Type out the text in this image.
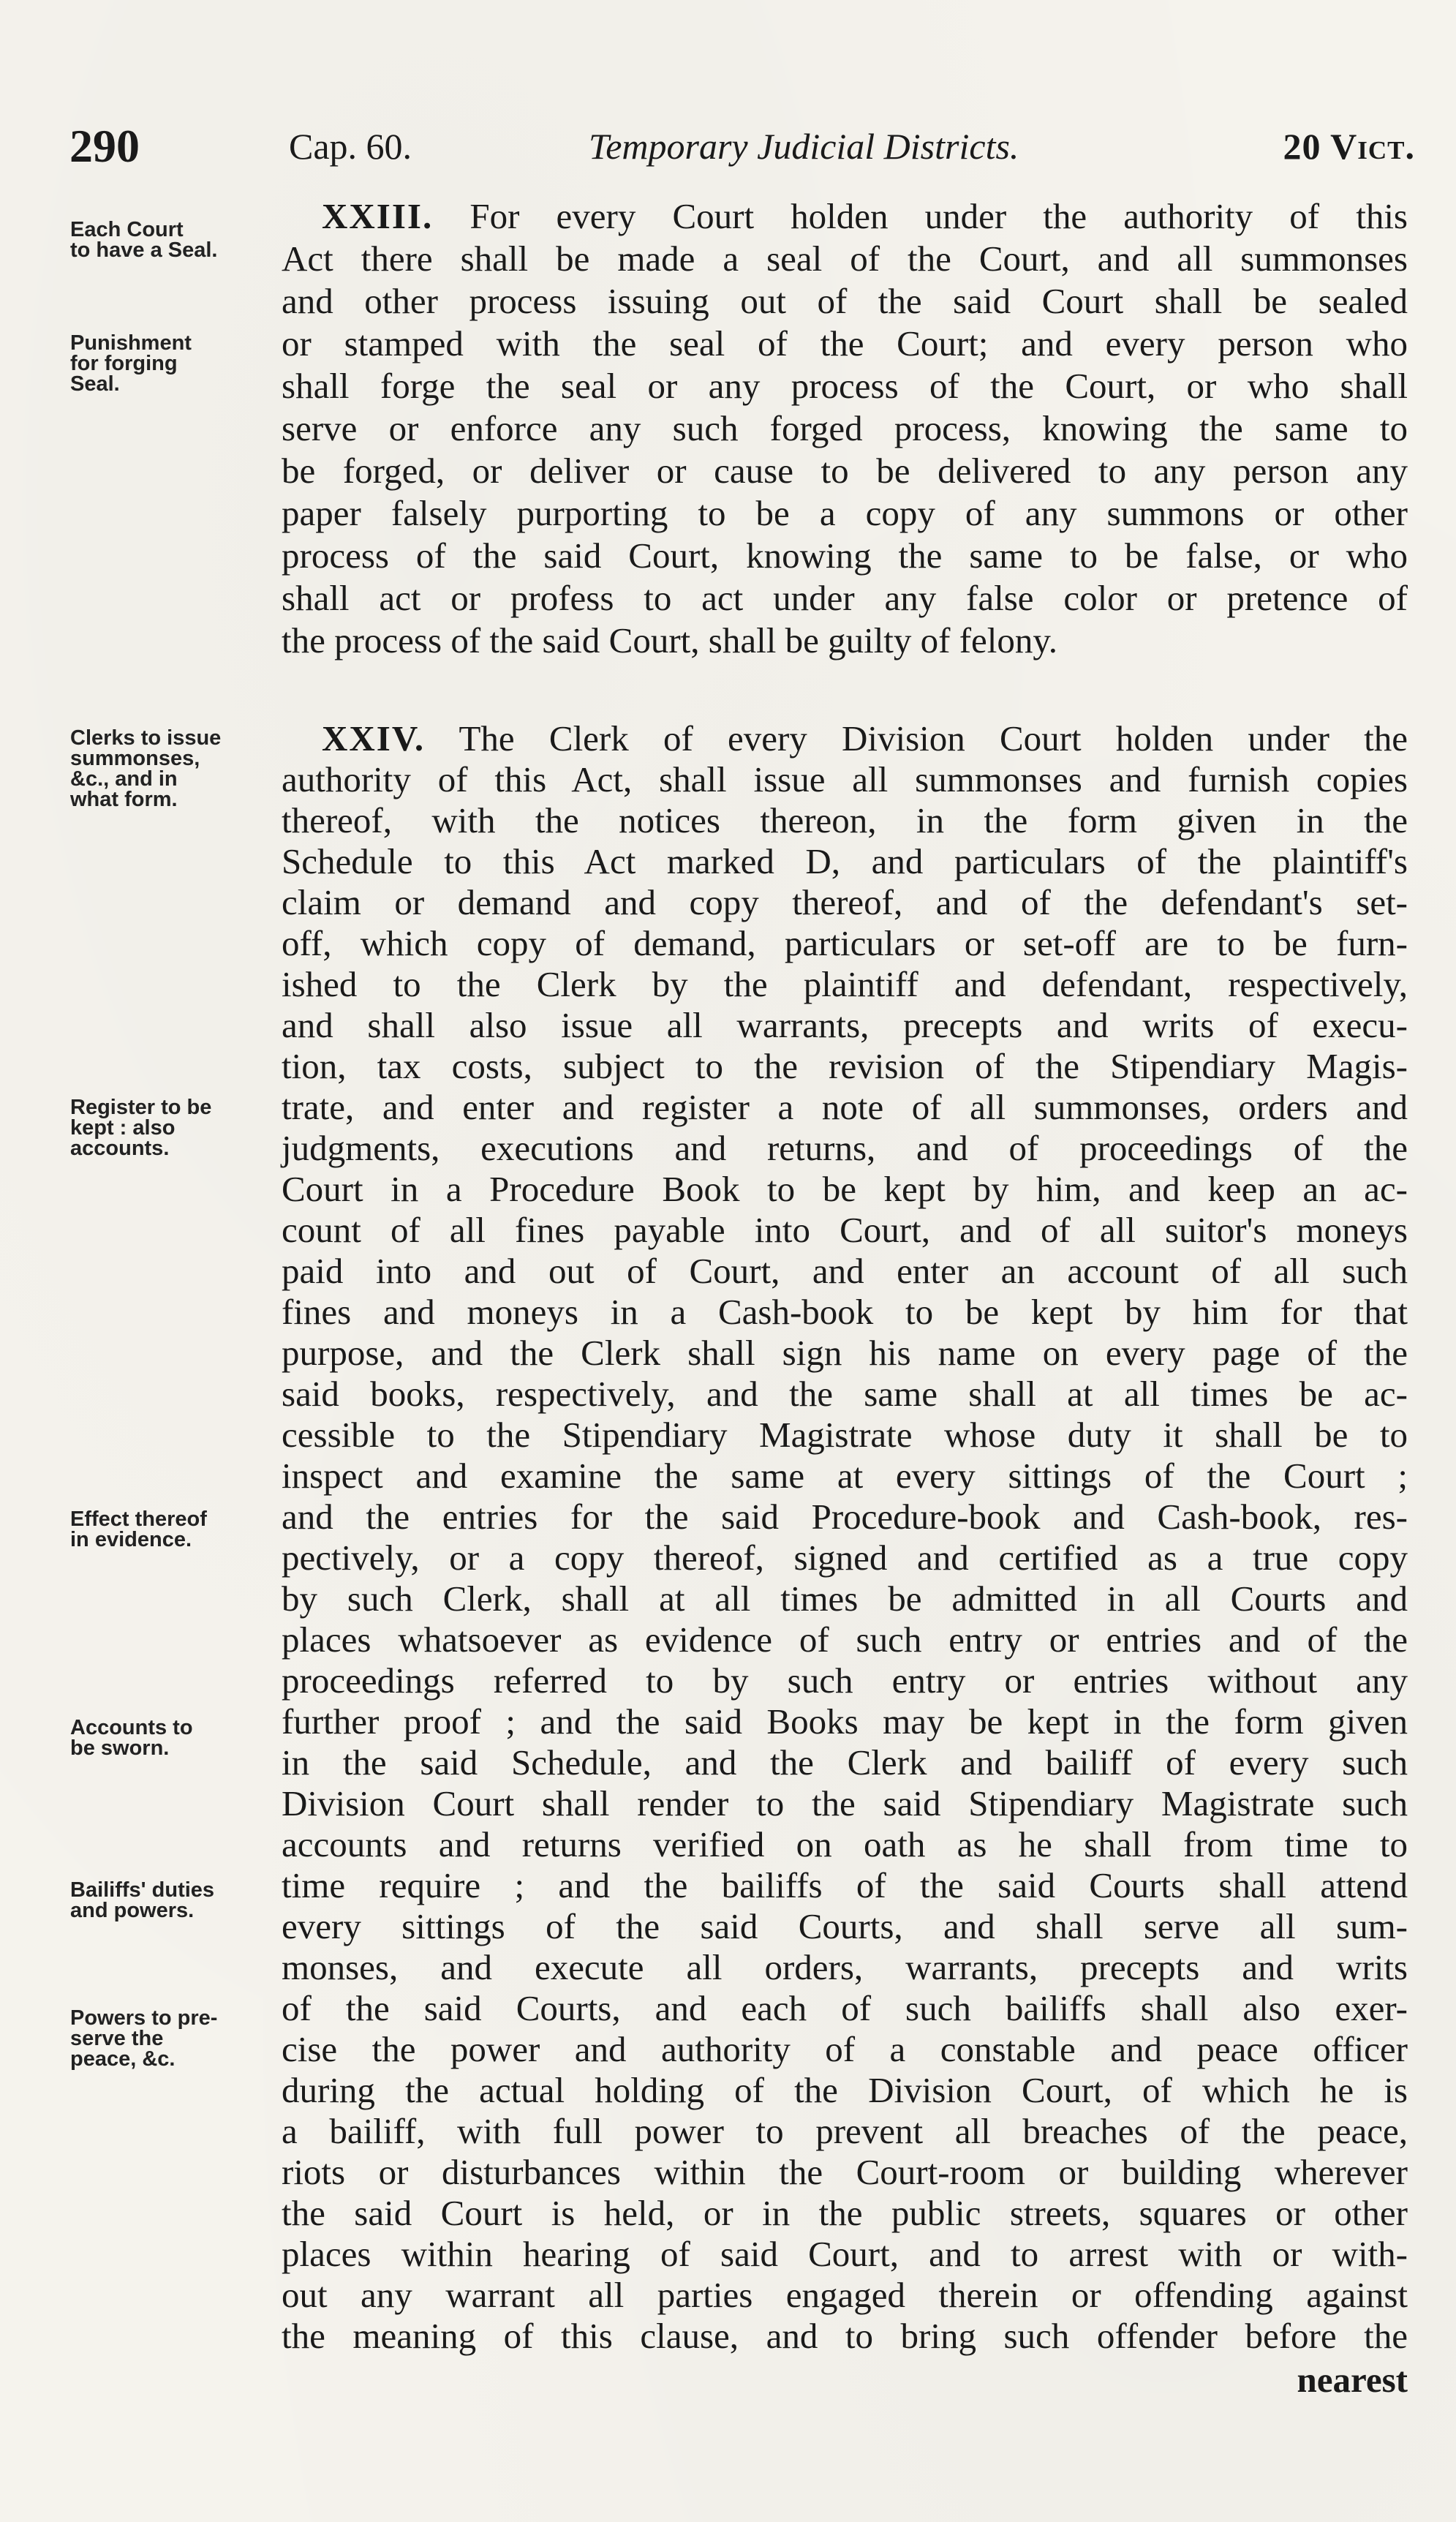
290	Cap. 60.	Temporary Judicial Districts.	20 Vict.
Each Court
to have a Seal.
Punishment
for forging
Seal.
Clerks to issue
summonses,
&c., and in
what form.
Register to be
kept : also
accounts.
Effect thereof
in evidence.
Accounts to
be sworn.
Bailiffs' duties
and powers.
Powers to pre-
serve the
peace, &c.
XXIII. For every Court holden under the authority of this
Act there shall be made a seal of the Court, and all summonses
and other process issuing out of the said Court shall be sealed
or stamped with the seal of the Court; and every person who
shall forge the seal or any process of the Court, or who shall
serve or enforce any such forged process, knowing the same to
be forged, or deliver or cause to be delivered to any person any
paper falsely purporting to be a copy of any summons or other
process of the said Court, knowing the same to be false, or who
shall act or profess to act under any false color or pretence of
the process of the said Court, shall be guilty of felony.
XXIV. The Clerk of every Division Court holden under the
authority of this Act, shall issue all summonses and furnish copies
thereof, with the notices thereon, in the form given in the
Schedule to this Act marked D, and particulars of the plaintiff's
claim or demand and copy thereof, and of the defendant's set-
off, which copy of demand, particulars or set-off are to be furn-
ished to the Clerk by the plaintiff and defendant, respectively,
and shall also issue all warrants, precepts and writs of execu-
tion, tax costs, subject to the revision of the Stipendiary Magis-
trate, and enter and register a note of all summonses, orders and
judgments, executions and returns, and of proceedings of the
Court in a Procedure Book to be kept by him, and keep an ac-
count of all fines payable into Court, and of all suitor's moneys
paid into and out of Court, and enter an account of all such
fines and moneys in a Cash-book to be kept by him for that
purpose, and the Clerk shall sign his name on every page of the
said books, respectively, and the same shall at all times be ac-
cessible to the Stipendiary Magistrate whose duty it shall be to
inspect and examine the same at every sittings of the Court ;
and the entries for the said Procedure-book and Cash-book, res-
pectively, or a copy thereof, signed and certified as a true copy
by such Clerk, shall at all times be admitted in all Courts and
places whatsoever as evidence of such entry or entries and of the
proceedings referred to by such entry or entries without any
further proof ; and the said Books may be kept in the form given
in the said Schedule, and the Clerk and bailiff of every such
Division Court shall render to the said Stipendiary Magistrate such
accounts and returns verified on oath as he shall from time to
time require ; and the bailiffs of the said Courts shall attend
every sittings of the said Courts, and shall serve all sum-
monses, and execute all orders, warrants, precepts and writs
of the said Courts, and each of such bailiffs shall also exer-
cise the power and authority of a constable and peace officer
during the actual holding of the Division Court, of which he is
a bailiff, with full power to prevent all breaches of the peace,
riots or disturbances within the Court-room or building wherever
the said Court is held, or in the public streets, squares or other
places within hearing of said Court, and to arrest with or with-
out any warrant all parties engaged therein or offending against
the meaning of this clause, and to bring such offender before the
nearest
